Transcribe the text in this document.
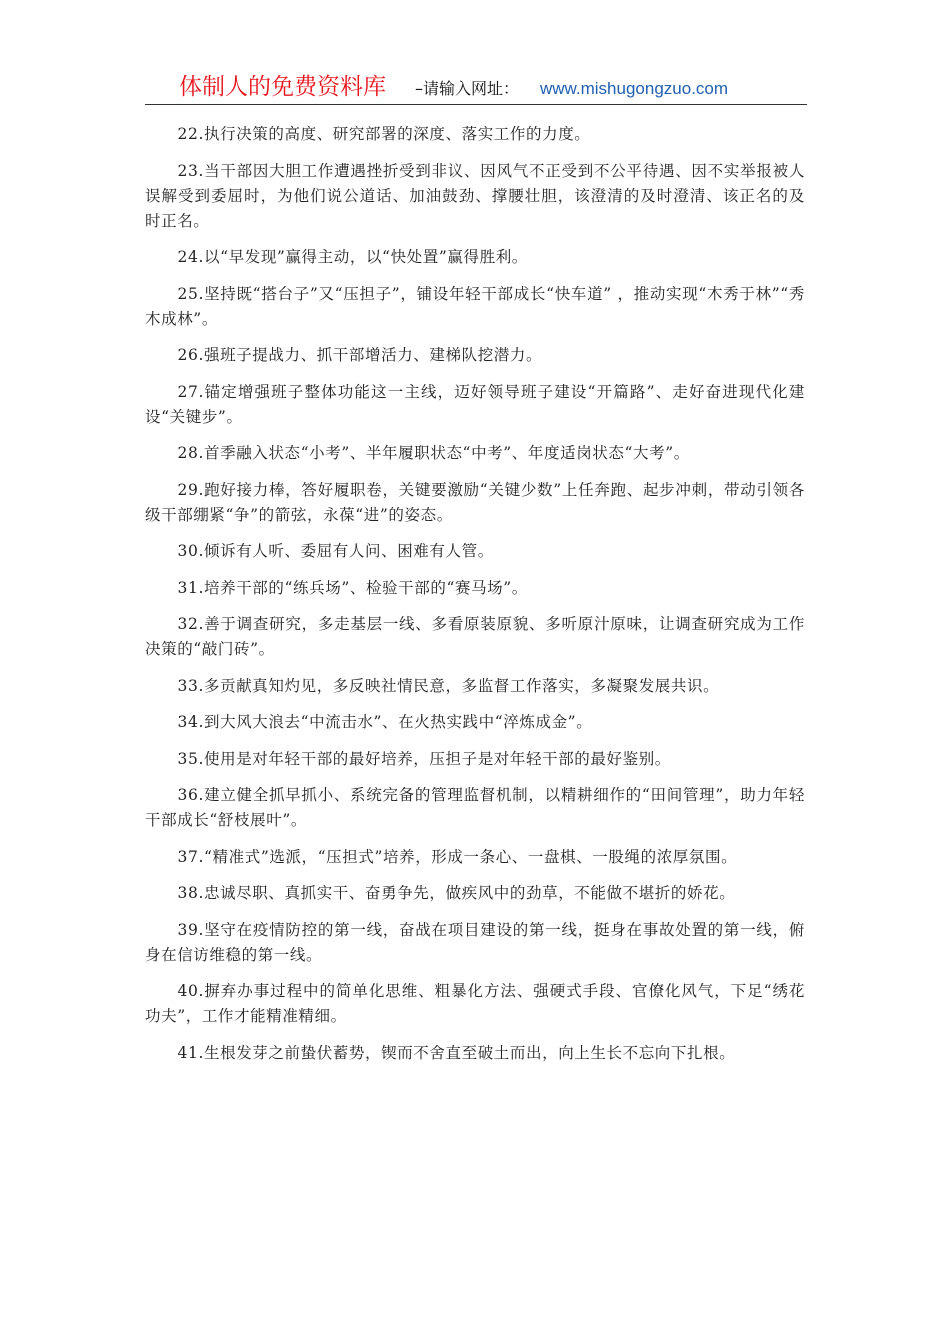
体制人的免费资料库 –请输入网址： www.mishugongzuo.com

22.执行决策的高度、研究部署的深度、落实工作的力度。

23.当干部因大胆工作遭遇挫折受到非议、因风气不正受到不公平待遇、因不实举报被人误解受到委屈时，为他们说公道话、加油鼓劲、撑腰壮胆，该澄清的及时澄清、该正名的及时正名。

24.以“早发现”赢得主动，以“快处置”赢得胜利。

25.坚持既“搭台子”又“压担子”，铺设年轻干部成长“快车道” ，推动实现“木秀于林”“秀木成林”。

26.强班子提战力、抓干部增活力、建梯队挖潜力。

27.锚定增强班子整体功能这一主线，迈好领导班子建设“开篇路”、走好奋进现代化建设“关键步”。

28.首季融入状态“小考”、半年履职状态“中考”、年度适岗状态“大考”。

29.跑好接力棒，答好履职卷，关键要激励“关键少数”上任奔跑、起步冲刺，带动引领各级干部绷紧“争”的箭弦，永葆“进”的姿态。

30.倾诉有人听、委屈有人问、困难有人管。

31.培养干部的“练兵场”、检验干部的“赛马场”。

32.善于调查研究，多走基层一线、多看原装原貌、多听原汁原味，让调查研究成为工作决策的“敲门砖”。

33.多贡献真知灼见，多反映社情民意，多监督工作落实，多凝聚发展共识。

34.到大风大浪去“中流击水”、在火热实践中“淬炼成金”。

35.使用是对年轻干部的最好培养，压担子是对年轻干部的最好鉴别。

36.建立健全抓早抓小、系统完备的管理监督机制，以精耕细作的“田间管理”，助力年轻干部成长“舒枝展叶”。

37.“精准式”选派，“压担式”培养，形成一条心、一盘棋、一股绳的浓厚氛围。

38.忠诚尽职、真抓实干、奋勇争先，做疾风中的劲草，不能做不堪折的娇花。

39.坚守在疫情防控的第一线，奋战在项目建设的第一线，挺身在事故处置的第一线，俯身在信访维稳的第一线。

40.摒弃办事过程中的简单化思维、粗暴化方法、强硬式手段、官僚化风气，下足“绣花功夫”，工作才能精准精细。

41.生根发芽之前蛰伏蓄势，锲而不舍直至破土而出，向上生长不忘向下扎根。
